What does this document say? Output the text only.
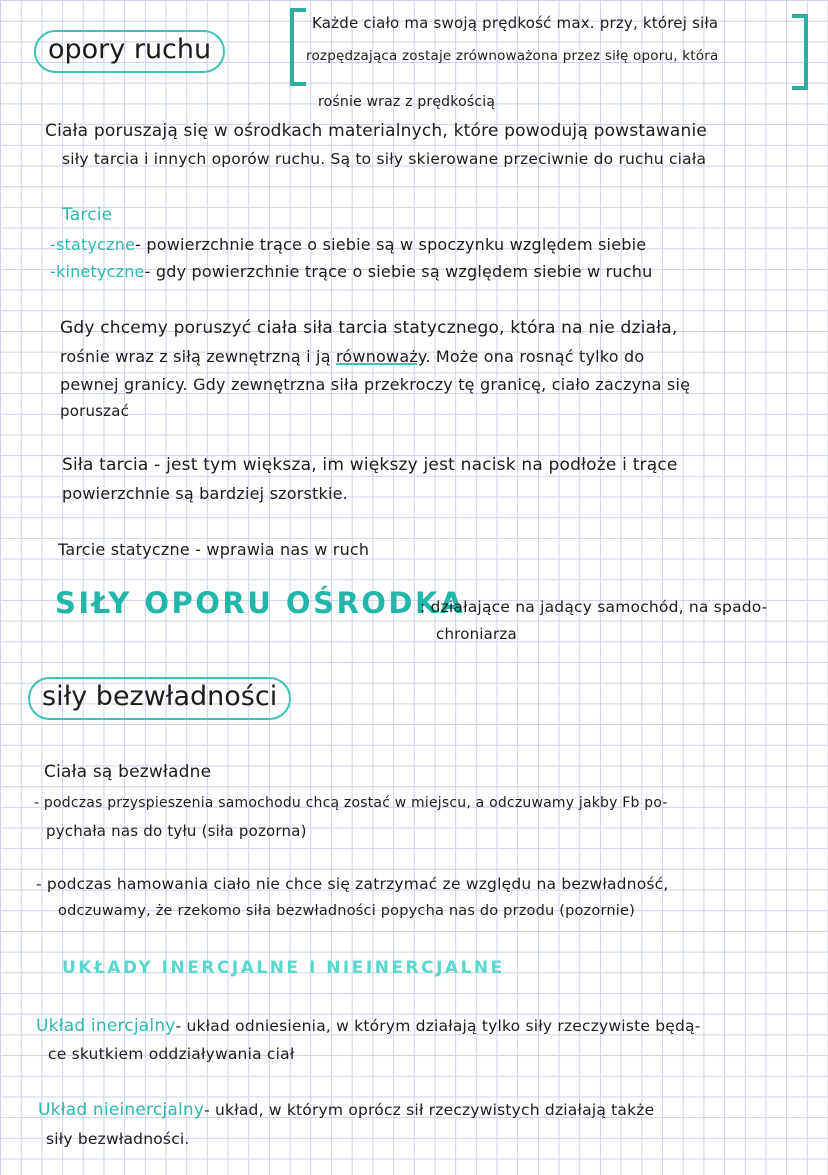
opory ruchu
Każde ciało ma swoją prędkość max. przy, której siła
rozpędzająca zostaje zrównoważona przez siłę oporu, która
rośnie wraz z prędkością
Ciała poruszają się w ośrodkach materialnych, które powodują powstawanie
siły tarcia i innych oporów ruchu. Są to siły skierowane przeciwnie do ruchu ciała
Tarcie
-statyczne- powierzchnie trące o siebie są w spoczynku względem siebie
-kinetyczne- gdy powierzchnie trące o siebie są względem siebie w ruchu
Gdy chcemy poruszyć ciała siła tarcia statycznego, która na nie działa,
rośnie wraz z siłą zewnętrzną i ją równoważy. Może ona rosnąć tylko do
pewnej granicy. Gdy zewnętrzna siła przekroczy tę granicę, ciało zaczyna się
poruszać
Siła tarcia - jest tym większa, im większy jest nacisk na podłoże i trące
powierzchnie są bardziej szorstkie.
Tarcie statyczne - wprawia nas w ruch
SIŁY OPORU OŚRODKA
: działające na jadący samochód, na spado-
chroniarza
siły bezwładności
Ciała są bezwładne
- podczas przyspieszenia samochodu chcą zostać w miejscu, a odczuwamy jakby Fb po-
pychała nas do tyłu (siła pozorna)
- podczas hamowania ciało nie chce się zatrzymać ze względu na bezwładność,
odczuwamy, że rzekomo siła bezwładności popycha nas do przodu (pozornie)
UKŁADY INERCJALNE I NIEINERCJALNE
Układ inercjalny- układ odniesienia, w którym działają tylko siły rzeczywiste będą-
ce skutkiem oddziaływania ciał
Układ nieinercjalny- układ, w którym oprócz sił rzeczywistych działają także
siły bezwładności.
